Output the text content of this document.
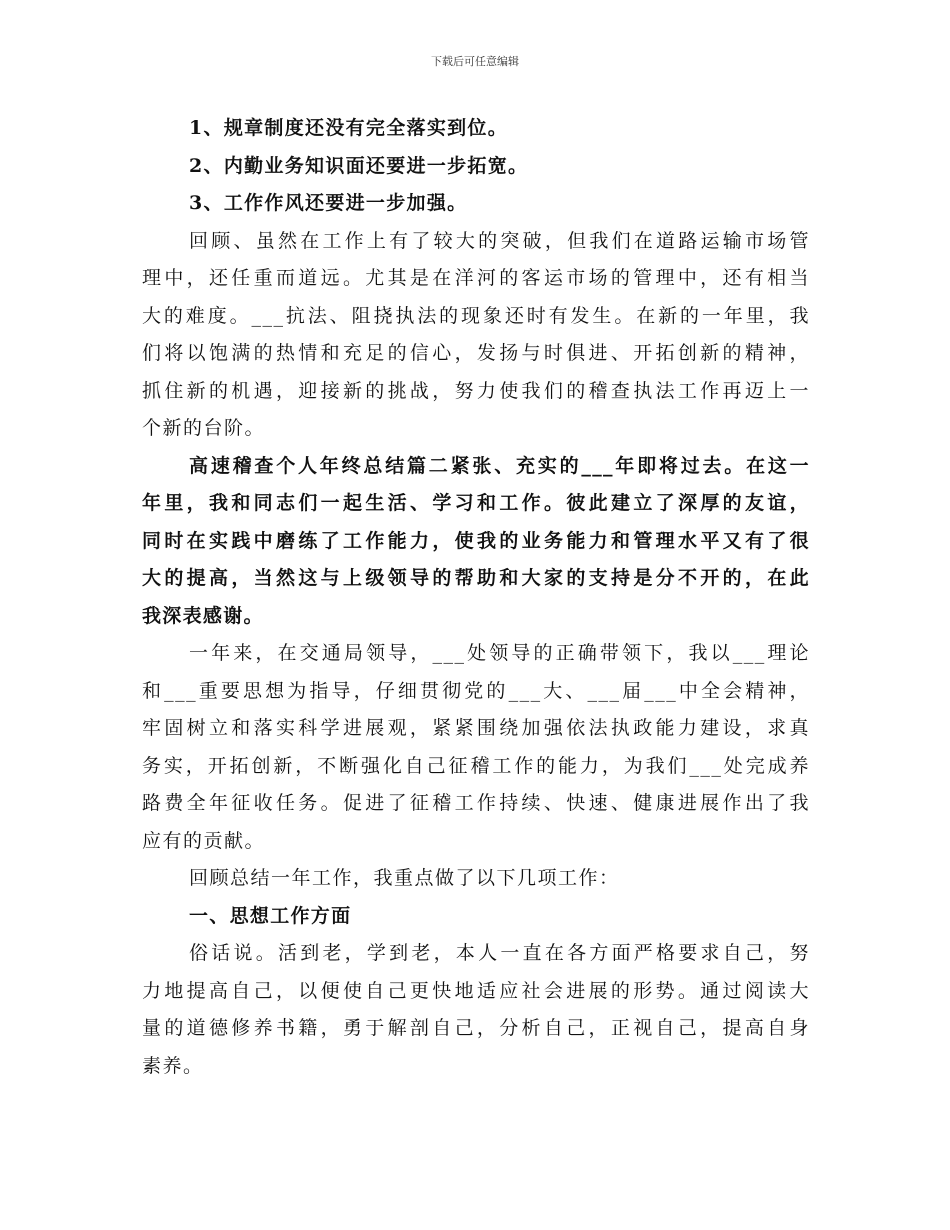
下载后可任意编辑
1、规章制度还没有完全落实到位。
2、内勤业务知识面还要进一步拓宽。
3、工作作风还要进一步加强。
回顾、虽然在工作上有了较大的突破，但我们在道路运输市场管
理中，还任重而道远。尤其是在洋河的客运市场的管理中，还有相当
大的难度。___抗法、阻挠执法的现象还时有发生。在新的一年里，我
们将以饱满的热情和充足的信心，发扬与时俱进、开拓创新的精神，
抓住新的机遇，迎接新的挑战，努力使我们的稽查执法工作再迈上一
个新的台阶。
高速稽查个人年终总结篇二紧张、充实的___年即将过去。在这一
年里，我和同志们一起生活、学习和工作。彼此建立了深厚的友谊，
同时在实践中磨练了工作能力，使我的业务能力和管理水平又有了很
大的提高，当然这与上级领导的帮助和大家的支持是分不开的，在此
我深表感谢。
一年来，在交通局领导，___处领导的正确带领下，我以___理论
和___重要思想为指导，仔细贯彻党的___大、___届___中全会精神，
牢固树立和落实科学进展观，紧紧围绕加强依法执政能力建设，求真
务实，开拓创新，不断强化自己征稽工作的能力，为我们___处完成养
路费全年征收任务。促进了征稽工作持续、快速、健康进展作出了我
应有的贡献。
回顾总结一年工作，我重点做了以下几项工作：
一、思想工作方面
俗话说。活到老，学到老，本人一直在各方面严格要求自己，努
力地提高自己，以便使自己更快地适应社会进展的形势。通过阅读大
量的道德修养书籍，勇于解剖自己，分析自己，正视自己，提高自身
素养。
